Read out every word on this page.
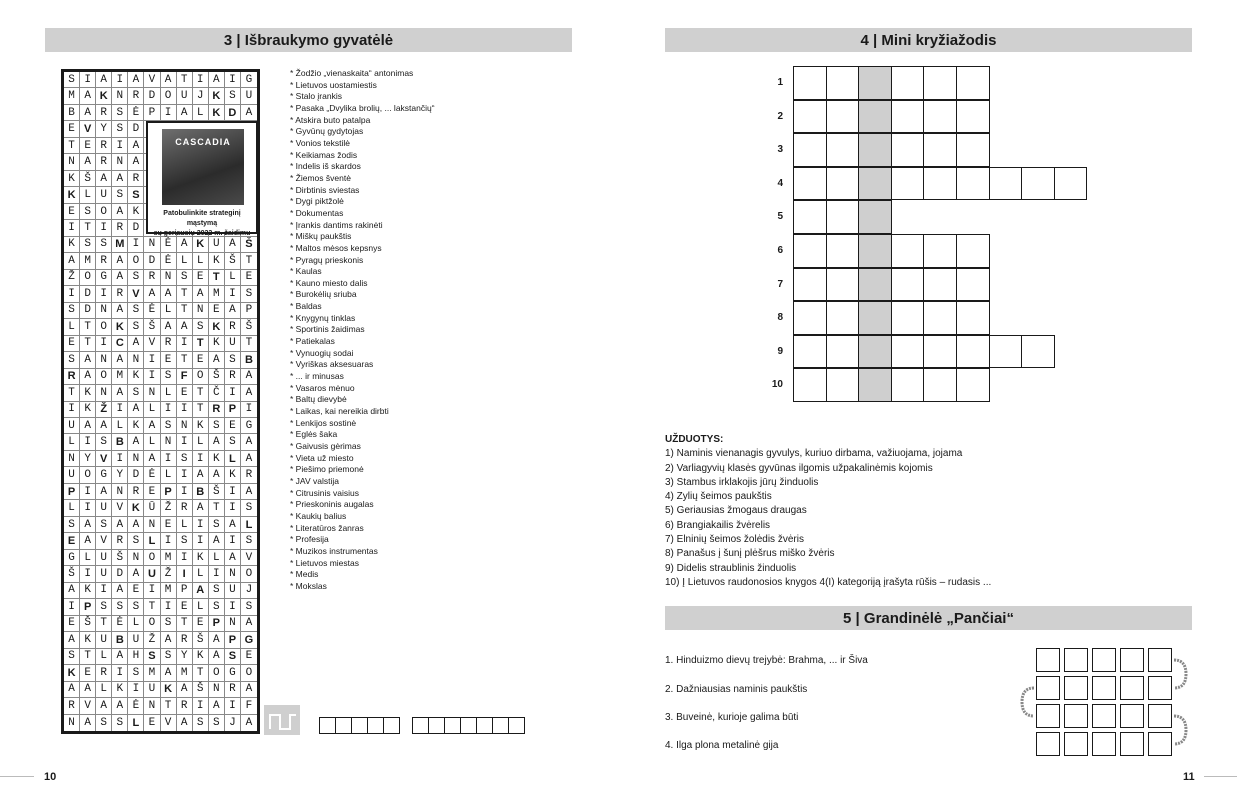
3 | Išbraukymo gyvatėlė
S I A I A V A T I A I G
M A K N R D O U J K S U
B A R S Ė P I A L K D A
E V Y S D
T E R I A
N A R N A
K Š A A R
K L U S S
E S O A K
I T I R D
K S S M I N Ė A K U A Š
A M R A O D Ė L L K Š T
Ž O G A S R N S E T L E
I D I R V A A T A M I S
S D N A S Ė L T N E A P
L T O K S Š A A S K R Š
E T I C A V R I T K U T
S A N A N I E T E A S B
R A O M K I S F O Š R A
T K N A S N L E T Č I A
I K Ž I A L I I T R P I
U A A L K A S N K S E G
L I S B A L N I L A S A
N Y V I N A I S I K L A
U O G Y D Ė L I A A K R
P I A N R E P I B Š I A
L I U V K Ū Ž R A T I S
S A S A A N E L I S A L
E A V R S L I S I A I S
G L U Š N O M I K L A V
Š I U D A U Ž	I	L I N O
A K I A E I M P A S U J
I P S S S T I E L S I S
E Š T Ė L O S T E P N A
A K U B U Ž A R Š A P G
S T L A H S S Y K A S E
K E R I S M A M T O G O
A A L K I U K A Š N R A
R V A A Ė N T R I A I F
N A S S L E V A S S J A
CASCADIA
Patobulinkite strateginį mąstymą
su geriausiu 2022 m. žaidimu
* Žodžio „vienaskaita“ antonimas
* Lietuvos uostamiestis
* Stalo įrankis
* Pasaka „Dvylika brolių, ... lakstančių“
* Atskira buto patalpa
* Gyvūnų gydytojas
* Vonios tekstilė
* Keikiamas žodis
* Indelis iš skardos
* Žiemos šventė
* Dirbtinis sviestas
* Dygi piktžolė
* Dokumentas
* Įrankis dantims rakinėti
* Miškų paukštis
* Maltos mėsos kepsnys
* Pyragų prieskonis
* Kaulas
* Kauno miesto dalis
* Burokėlių sriuba
* Baldas
* Knygynų tinklas
* Sportinis žaidimas
* Patiekalas
* Vynuogių sodai
* Vyriškas aksesuaras
* ... ir minusas
* Vasaros mėnuo
* Baltų dievybė
* Laikas, kai nereikia dirbti
* Lenkijos sostinė
* Eglės šaka
* Gaivusis gėrimas
* Vieta už miesto
* Piešimo priemonė
* JAV valstija
* Citrusinis vaisius
* Prieskoninis augalas
* Kaukių balius
* Literatūros žanras
* Profesija
* Muzikos instrumentas
* Lietuvos miestas
* Medis
* Mokslas
10
4 | Mini kryžiažodis
1
2
3
4
5
6
7
8
9
10
UŽDUOTYS:
1) Naminis vienanagis gyvulys, kuriuo dirbama, važiuojama, jojama
2) Varliagyvių klasės gyvūnas ilgomis užpakalinėmis kojomis
3) Stambus irklakojis jūrų žinduolis
4) Zylių šeimos paukštis
5) Geriausias žmogaus draugas
6) Brangiakailis žvėrelis
7) Elninių šeimos žolėdis žvėris
8) Panašus į šunį plėšrus miško žvėris
9) Didelis straublinis žinduolis
10) Į Lietuvos raudonosios knygos 4(I) kategoriją įrašyta rūšis – rudasis ...
5 | Grandinėlė „Pančiai“
1. Hinduizmo dievų trejybė: Brahma, ... ir Šiva
2. Dažniausias naminis paukštis
3. Buveinė, kurioje galima būti
4. Ilga plona metalinė gija
11
